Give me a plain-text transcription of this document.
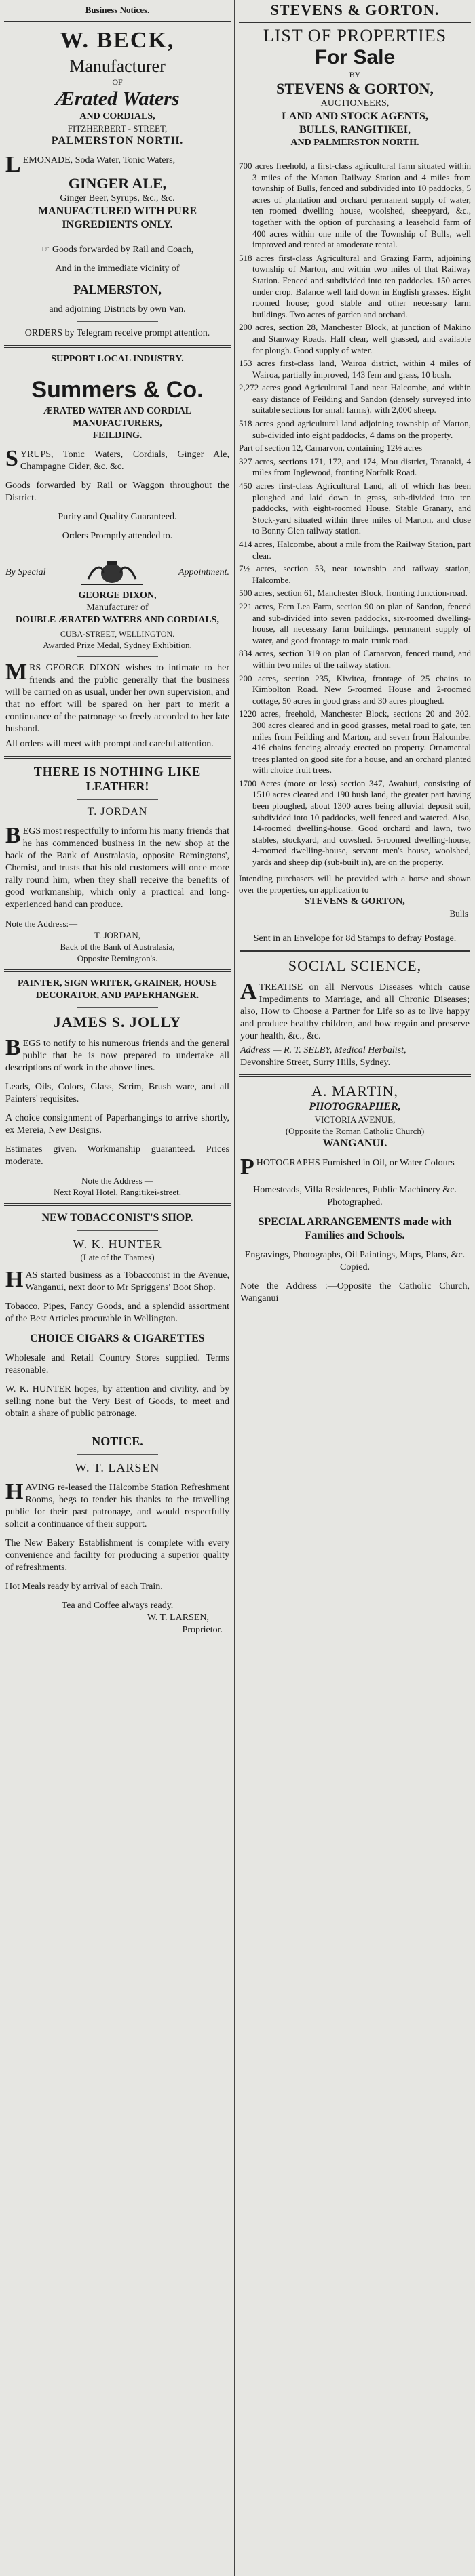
Business Notices.

W. BECK,

Manufacturer

OF

Ærated Waters

AND CORDIALS,

FITZHERBERT - STREET,

PALMERSTON NORTH.

LEMONADE, Soda Water, Tonic Waters,

GINGER ALE,

Ginger Beer, Syrups, &c., &c.

MANUFACTURED WITH PURE

INGREDIENTS ONLY.

☞ Goods forwarded by Rail and Coach,

And in the immediate vicinity of

PALMERSTON,

and adjoining Districts by own Van.

ORDERS by Telegram receive prompt attention.

SUPPORT LOCAL INDUSTRY.

Summers & Co.

ÆRATED WATER AND CORDIAL MANUFACTURERS,

FEILDING.

SYRUPS, Tonic Waters, Cordials, Ginger Ale, Champagne Cider, &c. &c.

Goods forwarded by Rail or Waggon throughout the District.

Purity and Quality Guaranteed.

Orders Promptly attended to.

By Special	Appointment.

GEORGE DIXON,

Manufacturer of

DOUBLE ÆRATED WATERS AND CORDIALS,

CUBA-STREET, WELLINGTON.

Awarded Prize Medal, Sydney Exhibition.

MRS GEORGE DIXON wishes to intimate to her friends and the public generally that the business will be carried on as usual, under her own supervision, and that no effort will be spared on her part to merit a continuance of the patronage so freely accorded to her late husband.

All orders will meet with prompt and careful attention.

THERE IS NOTHING LIKE

LEATHER!

T. JORDAN

BEGS most respectfully to inform his many friends that he has commenced business in the new shop at the back of the Bank of Australasia, opposite Remingtons', Chemist, and trusts that his old customers will once more rally round him, when they shall receive the benefits of good workmanship, which only a practical and long-experienced hand can produce.

Note the Address:—

T. JORDAN,

Back of the Bank of Australasia,

Opposite Remington's.

PAINTER, SIGN WRITER, GRAINER, HOUSE DECORATOR, AND PAPERHANGER.

JAMES S. JOLLY

BEGS to notify to his numerous friends and the general public that he is now prepared to undertake all descriptions of work in the above lines.

Leads, Oils, Colors, Glass, Scrim, Brush ware, and all Painters' requisites.

A choice consignment of Paperhangings to arrive shortly, ex Mereia, New Designs.

Estimates given. Workmanship guaranteed. Prices moderate.

Note the Address —

Next Royal Hotel, Rangitikei-street.

NEW TOBACCONIST'S SHOP.

W. K. HUNTER

(Late of the Thames)

HAS started business as a Tobacconist in the Avenue, Wanganui, next door to Mr Spriggens' Boot Shop.

Tobacco, Pipes, Fancy Goods, and a splendid assortment of the Best Articles procurable in Wellington.

CHOICE CIGARS & CIGARETTES

Wholesale and Retail Country Stores supplied. Terms reasonable.

W. K. HUNTER hopes, by attention and civility, and by selling none but the Very Best of Goods, to meet and obtain a share of public patronage.

NOTICE.

W. T. LARSEN

HAVING re-leased the Halcombe Station Refreshment Rooms, begs to tender his thanks to the travelling public for their past patronage, and would respectfully solicit a continuance of their support.

The New Bakery Establishment is complete with every convenience and facility for producing a superior quality of refreshments.

Hot Meals ready by arrival of each Train.

Tea and Coffee always ready.

W. T. LARSEN,

Proprietor.

STEVENS & GORTON.

LIST OF PROPERTIES

For Sale

BY

STEVENS & GORTON,

AUCTIONEERS,

LAND AND STOCK AGENTS,

BULLS, RANGITIKEI,

AND PALMERSTON NORTH.

700 acres freehold, a first-class agricultural farm situated within 3 miles of the Marton Railway Station and 4 miles from township of Bulls, fenced and subdivided into 10 paddocks, 5 acres of plantation and orchard permanent supply of water, ten roomed dwelling house, woolshed, sheepyard, &c., together with the option of purchasing a leasehold farm of 400 acres within one mile of the Township of Bulls, well improved and rented at amoderate rental.

518 acres first-class Agricultural and Grazing Farm, adjoining township of Marton, and within two miles of that Railway Station. Fenced and subdivided into ten paddocks. 150 acres under crop. Balance well laid down in English grasses. Eight roomed house; good stable and other necessary farm buildings. Two acres of garden and orchard.

200 acres, section 28, Manchester Block, at junction of Makino and Stanway Roads. Half clear, well grassed, and available for plough. Good supply of water.

153 acres first-class land, Wairoa district, within 4 miles of Wairoa, partially improved, 143 fern and grass, 10 bush.

2,272 acres good Agricultural Land near Halcombe, and within easy distance of Feilding and Sandon (densely surveyed into suitable sections for small farms), with 2,000 sheep.

518 acres good agricultural land adjoining township of Marton, sub-divided into eight paddocks, 4 dams on the property.

Part of section 12, Carnarvon, containing 12½ acres

327 acres, sections 171, 172, and 174, Mou district, Taranaki, 4 miles from Inglewood, fronting Norfolk Road.

450 acres first-class Agricultural Land, all of which has been ploughed and laid down in grass, sub-divided into ten paddocks, with eight-roomed House, Stable Granary, and Stock-yard situated within three miles of Marton, and close to Bonny Glen railway station.

414 acres, Halcombe, about a mile from the Railway Station, part clear.

7½ acres, section 53, near township and railway station, Halcombe.

500 acres, section 61, Manchester Block, fronting Junction-road.

221 acres, Fern Lea Farm, section 90 on plan of Sandon, fenced and sub-divided into seven paddocks, six-roomed dwelling-house, all necessary farm buildings, permanent supply of water, and good frontage to main trunk road.

834 acres, section 319 on plan of Carnarvon, fenced round, and within two miles of the railway station.

200 acres, section 235, Kiwitea, frontage of 25 chains to Kimbolton Road. New 5-roomed House and 2-roomed cottage, 50 acres in good grass and 30 acres ploughed.

1220 acres, freehold, Manchester Block, sections 20 and 302. 300 acres cleared and in good grasses, metal road to gate, ten miles from Feilding and Marton, and seven from Halcombe. 416 chains fencing already erected on property. Ornamental trees planted on good site for a house, and an orchard planted with choice fruit trees.

1700 Acres (more or less) section 347, Awahuri, consisting of 1510 acres cleared and 190 bush land, the greater part having been ploughed, about 1300 acres being alluvial deposit soil, subdivided into 10 paddocks, well fenced and watered. Also, 14-roomed dwelling-house. Good orchard and lawn, two stables, stockyard, and cowshed. 5-roomed dwelling-house, 4-roomed dwelling-house, servant men's house, woolshed, yards and sheep dip (sub-built in), are on the property.

Intending purchasers will be provided with a horse and shown over the properties, on application to

STEVENS & GORTON,

Bulls

Sent in an Envelope for 8d Stamps to defray Postage.

SOCIAL SCIENCE,

ATREATISE on all Nervous Diseases which cause Impediments to Marriage, and all Chronic Diseases; also, How to Choose a Partner for Life so as to live happy and produce healthy children, and how regain and preserve your health, &c., &c.

Address — R. T. SELBY, Medical Herbalist,

Devonshire Street, Surry Hills, Sydney.

A. MARTIN,

PHOTOGRAPHER,

VICTORIA AVENUE,

(Opposite the Roman Catholic Church)

WANGANUI.

PHOTOGRAPHS Furnished in Oil, or Water Colours

Homesteads, Villa Residences, Public Machinery &c. Photographed.

SPECIAL ARRANGEMENTS made with Families and Schools.

Engravings, Photographs, Oil Paintings, Maps, Plans, &c. Copied.

Note the Address :—Opposite the Catholic Church, Wanganui
